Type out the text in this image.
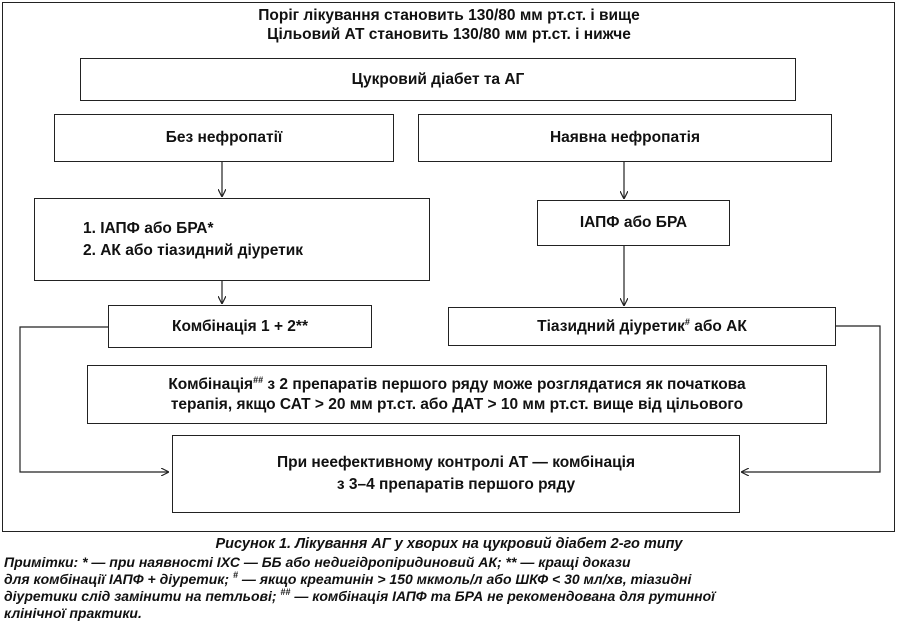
Поріг лікування становить 130/80 мм рт.ст. і вище
Цільовий АТ становить 130/80 мм рт.ст. і нижче
Цукровий діабет та АГ
Без нефропатії	Наявна нефропатія
1. ІАПФ або БРА*
2. АК або тіазидний діуретик
ІАПФ або БРА
Комбінація 1 + 2**	Тіазидний діуретик# або АК
Комбінація## з 2 препаратів першого ряду може розглядатися як початкова
терапія, якщо САТ > 20 мм рт.ст. або ДАТ > 10 мм рт.ст. вище від цільового
При неефективному контролі АТ — комбінація
з 3–4 препаратів першого ряду
Рисунок 1. Лікування АГ у хворих на цукровий діабет 2-го типу
Примітки: * — при наявності ІХС — ББ або недигідропіридиновий АК; ** — кращі докази
для комбінації ІАПФ + діуретик; # — якщо креатинін > 150 мкмоль/л або ШКФ < 30 мл/хв, тіазидні
діуретики слід замінити на петльові; ## — комбінація ІАПФ та БРА не рекомендована для рутинної
клінічної практики.
